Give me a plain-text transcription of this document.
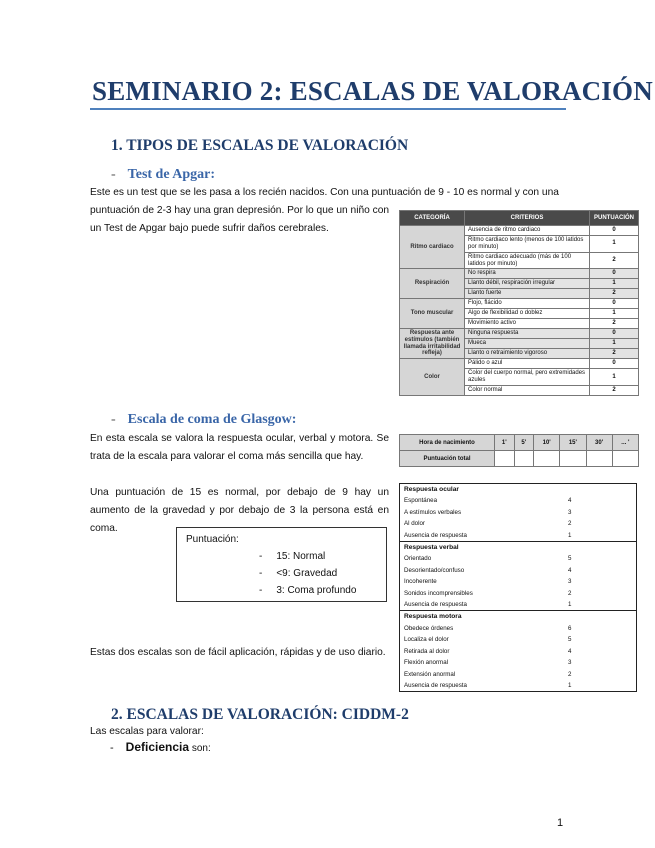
SEMINARIO 2: ESCALAS DE VALORACIÓN
1. TIPOS DE ESCALAS DE VALORACIÓN
- Test de Apgar:
Este es un test que se les pasa a los recién nacidos. Con una puntuación de 9 - 10 es normal y con una
puntuación de 2-3 hay una gran depresión. Por lo que un niño con un Test de Apgar bajo puede sufrir daños cerebrales.
CATEGORÍA	CRITERIOS	PUNTUACIÓN
Ritmo cardiaco	Ausencia de ritmo cardiaco	0
	Ritmo cardiaco lento (menos de 100 latidos por minuto)	1
	Ritmo cardiaco adecuado (más de 100 latidos por minuto)	2
Respiración	No respira	0
	Llanto débil, respiración irregular	1
	Llanto fuerte	2
Tono muscular	Flojo, flácido	0
	Algo de flexibilidad o doblez	1
	Movimiento activo	2
Respuesta ante estímulos (también llamada irritabilidad refleja)	Ninguna respuesta	0
	Mueca	1
	Llanto o retraimiento vigoroso	2
Color	Pálido o azul	0
	Color del cuerpo normal, pero extremidades azules	1
	Color normal	2
Hora de nacimiento	1'	5'	10'	15'	30'	... '
Puntuación total						
- Escala de coma de Glasgow:
En esta escala se valora la respuesta ocular, verbal y motora. Se trata de la escala para valorar el coma más sencilla que hay.
Una puntuación de 15 es normal, por debajo de 9 hay un aumento de la gravedad y por debajo de 3 la persona está en coma.
Puntuación:
- 15: Normal
- <9: Gravedad
- 3: Coma profundo
Respuesta ocular	
Espontánea	4
A estímulos verbales	3
Al dolor	2
Ausencia de respuesta	1
Respuesta verbal	
Orientado	5
Desorientado/confuso	4
Incoherente	3
Sonidos incomprensibles	2
Ausencia de respuesta	1
Respuesta motora	
Obedece órdenes	6
Localiza el dolor	5
Retirada al dolor	4
Flexión anormal	3
Extensión anormal	2
Ausencia de respuesta	1
Estas dos escalas son de fácil aplicación, rápidas y de uso diario.
2. ESCALAS DE VALORACIÓN: CIDDM-2
Las escalas para valorar:
- Deficiencia son:
1
